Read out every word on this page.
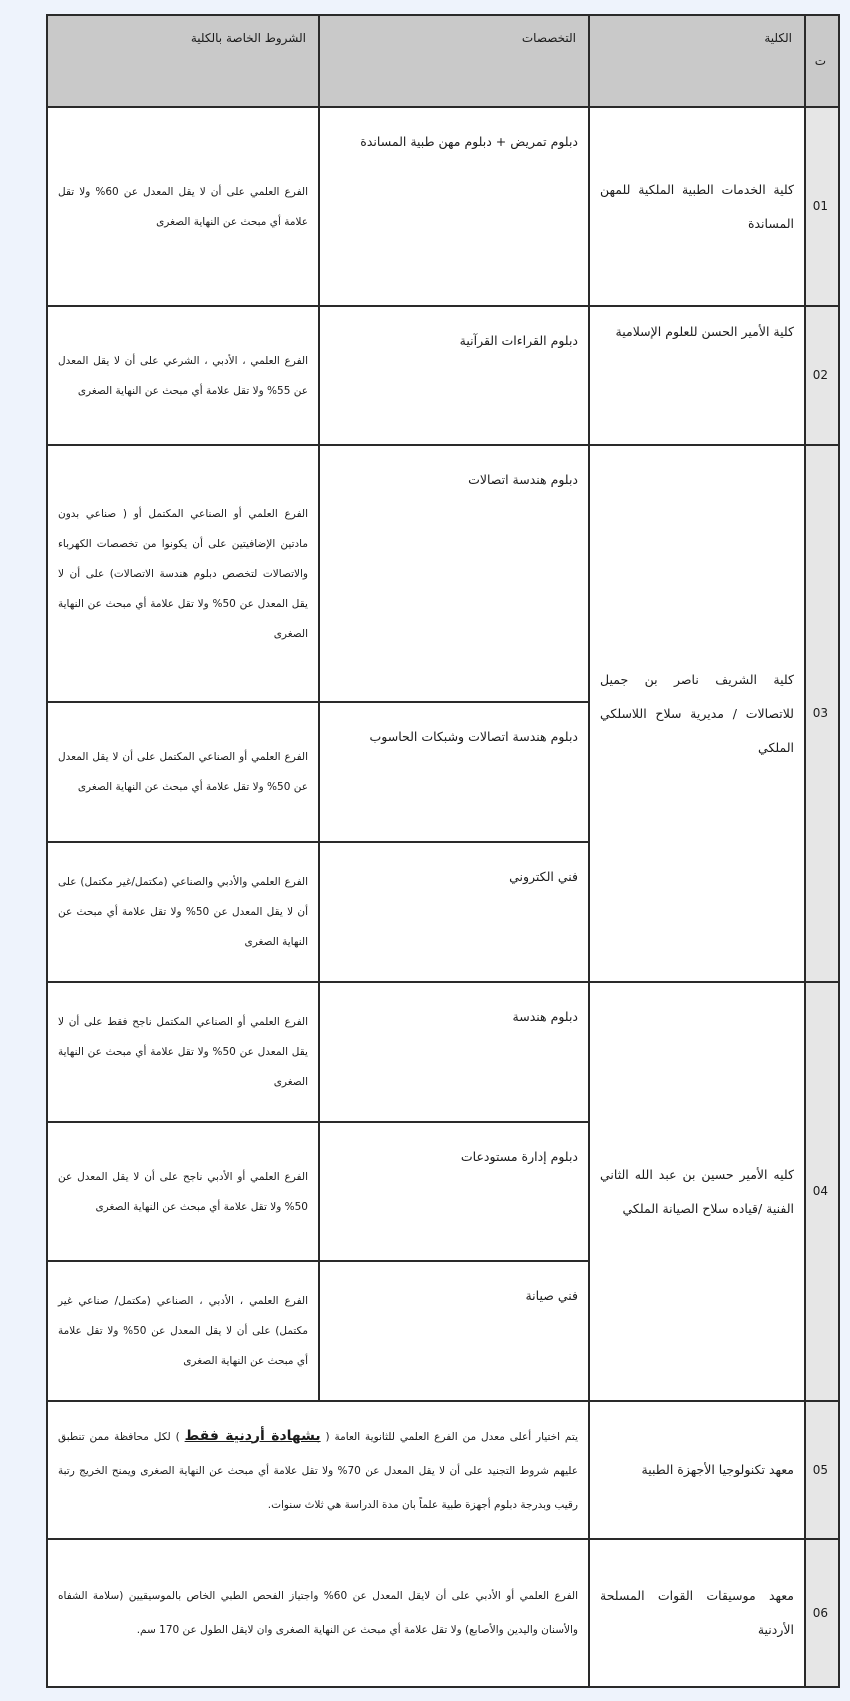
ت	الكلية	التخصصات	الشروط الخاصة بالكلية
01	كلية الخدمات الطبية الملكية للمهن المساندة	دبلوم تمريض + دبلوم مهن طبية المساندة	الفرع العلمي على أن لا يقل المعدل عن 60% ولا تقل علامة أي مبحث عن النهاية الصغرى
02	كلية الأمير الحسن للعلوم الإسلامية	دبلوم القراءات القرآنية	الفرع العلمي ، الأدبي ، الشرعي على أن لا يقل المعدل عن 55% ولا تقل علامة أي مبحث عن النهاية الصغرى
03	كلية الشريف ناصر بن جميل للاتصالات / مديرية سلاح اللاسلكي الملكي	دبلوم هندسة اتصالات	الفرع العلمي أو الصناعي المكتمل أو ( صناعي بدون مادتين الإضافيتين على أن يكونوا من تخصصات الكهرباء والاتصالات لتخصص دبلوم هندسة الاتصالات) على أن لا يقل المعدل عن 50% ولا تقل علامة أي مبحث عن النهاية الصغرى
		دبلوم هندسة اتصالات وشبكات الحاسوب	الفرع العلمي أو الصناعي المكتمل على أن لا يقل المعدل عن 50% ولا تقل علامة أي مبحث عن النهاية الصغرى
		فني الكتروني	الفرع العلمي والأدبي والصناعي (مكتمل/غير مكتمل) على أن لا يقل المعدل عن 50% ولا تقل علامة أي مبحث عن النهاية الصغرى
04	كليه الأمير حسين بن عبد الله الثاني الفنية /قياده سلاح الصيانة الملكي	دبلوم هندسة	الفرع العلمي أو الصناعي المكتمل ناجح فقط على أن لا يقل المعدل عن 50% ولا تقل علامة أي مبحث عن النهاية الصغرى
		دبلوم إدارة مستودعات	الفرع العلمي أو الأدبي ناجح على أن لا يقل المعدل عن 50% ولا تقل علامة أي مبحث عن النهاية الصغرى
		فني صيانة	الفرع العلمي ، الأدبي ، الصناعي (مكتمل/ صناعي غير مكتمل) على أن لا يقل المعدل عن 50% ولا تقل علامة أي مبحث عن النهاية الصغرى
05	معهد تكنولوجيا الأجهزة الطبية	يتم اختيار أعلى معدل من الفرع العلمي للثانوية العامة ( بشهادة أردنية فقط ) لكل محافظة ممن تنطبق عليهم شروط التجنيد على أن لا يقل المعدل عن 70% ولا تقل علامة أي مبحث عن النهاية الصغرى ويمنح الخريج رتبة رقيب وبدرجة دبلوم أجهزة طبية علماً بان مدة الدراسة هي ثلاث سنوات.	
06	معهد موسيقات القوات المسلحة الأردنية	الفرع العلمي أو الأدبي على أن لايقل المعدل عن 60% واجتياز الفحص الطبي الخاص بالموسيقيين (سلامة الشفاه والأسنان واليدين والأصابع) ولا تقل علامة أي مبحث عن النهاية الصغرى وان لايقل الطول عن 170 سم.	
